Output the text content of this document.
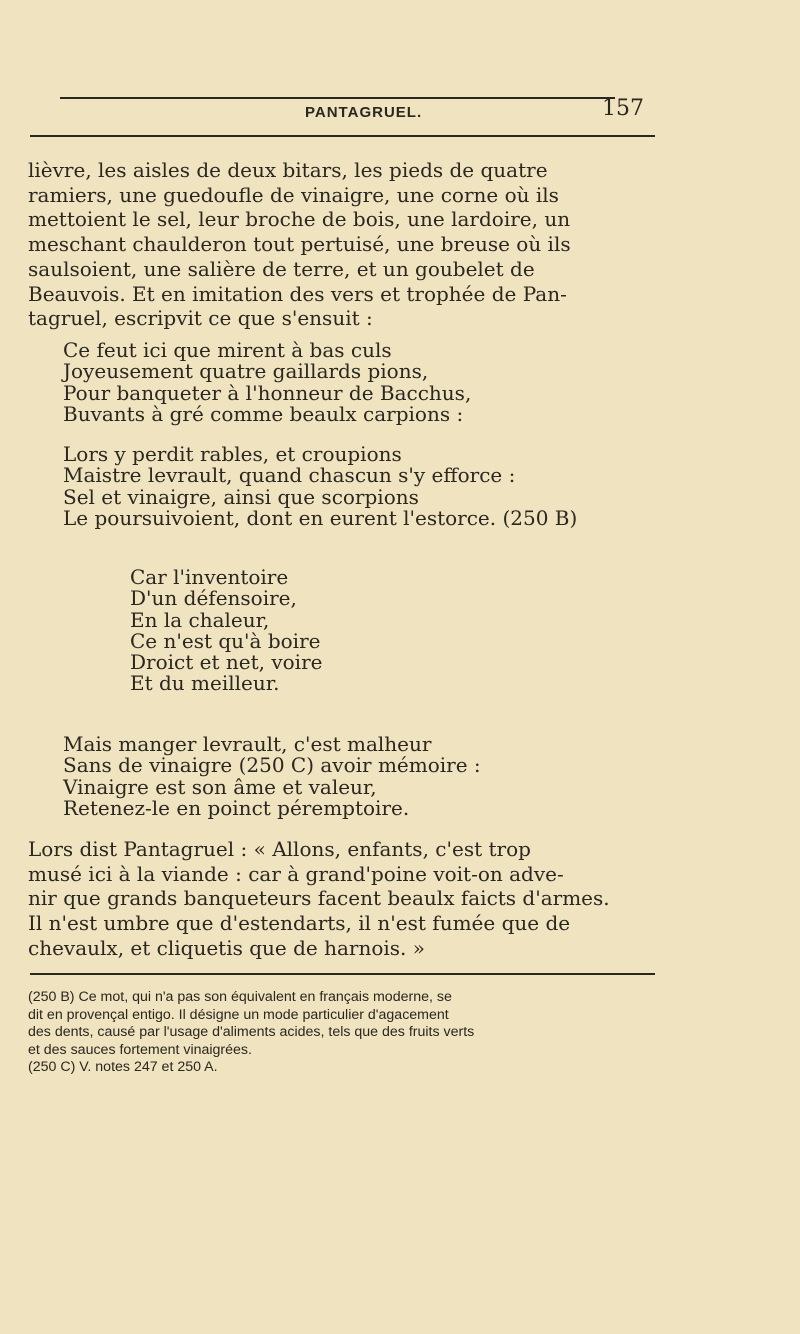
PANTAGRUEL.	157
lièvre, les aisles de deux bitars, les pieds de quatre
ramiers, une guedoufle de vinaigre, une corne où ils
mettoient le sel, leur broche de bois, une lardoire, un
meschant chaulderon tout pertuisé, une breuse où ils
saulsoient, une salière de terre, et un goubelet de
Beauvois. Et en imitation des vers et trophée de Pan-
tagruel, escripvit ce que s'ensuit :
Ce feut ici que mirent à bas culs
Joyeusement quatre gaillards pions,
Pour banqueter à l'honneur de Bacchus,
Buvants à gré comme beaulx carpions :
Lors y perdit rables, et croupions
Maistre levrault, quand chascun s'y efforce :
Sel et vinaigre, ainsi que scorpions
Le poursuivoient, dont en eurent l'estorce. (250 B)
Car l'inventoire
D'un défensoire,
En la chaleur,
Ce n'est qu'à boire
Droict et net, voire
Et du meilleur.
Mais manger levrault, c'est malheur
Sans de vinaigre (250 C) avoir mémoire :
Vinaigre est son âme et valeur,
Retenez-le en poinct péremptoire.
Lors dist Pantagruel : « Allons, enfants, c'est trop
musé ici à la viande : car à grand'poine voit-on adve-
nir que grands banqueteurs facent beaulx faicts d'armes.
Il n'est umbre que d'estendarts, il n'est fumée que de
chevaulx, et cliquetis que de harnois. »
(250 B) Ce mot, qui n'a pas son équivalent en français moderne, se
dit en provençal entigo. Il désigne un mode particulier d'agacement
des dents, causé par l'usage d'aliments acides, tels que des fruits verts
et des sauces fortement vinaigrées.
(250 C) V. notes 247 et 250 A.
